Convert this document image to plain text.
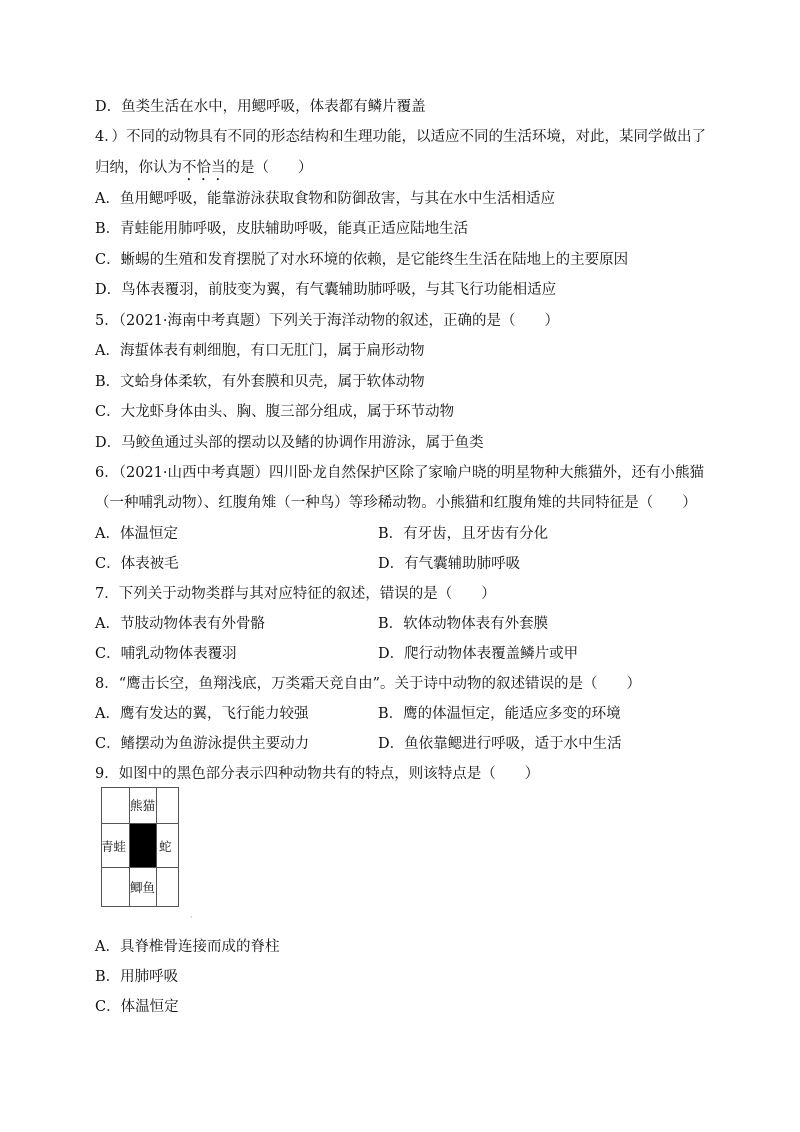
D．鱼类生活在水中，用鳃呼吸，体表都有鳞片覆盖
4．）不同的动物具有不同的形态结构和生理功能，以适应不同的生活环境，对此，某同学做出了
归纳，你认为不恰当的是（　　）
A．鱼用鳃呼吸，能靠游泳获取食物和防御敌害，与其在水中生活相适应
B．青蛙能用肺呼吸，皮肤辅助呼吸，能真正适应陆地生活
C．蜥蜴的生殖和发育摆脱了对水环境的依赖，是它能终生生活在陆地上的主要原因
D．鸟体表覆羽，前肢变为翼，有气囊辅助肺呼吸，与其飞行功能相适应
5．（2021·海南中考真题）下列关于海洋动物的叙述，正确的是（　　）
A．海蜇体表有刺细胞，有口无肛门，属于扁形动物
B．文蛤身体柔软，有外套膜和贝壳，属于软体动物
C．大龙虾身体由头、胸、腹三部分组成，属于环节动物
D．马鲛鱼通过头部的摆动以及鳍的协调作用游泳，属于鱼类
6．（2021·山西中考真题）四川卧龙自然保护区除了家喻户晓的明星物种大熊猫外，还有小熊猫
（一种哺乳动物）、红腹角雉（一种鸟）等珍稀动物。小熊猫和红腹角雉的共同特征是（　　）
A．体温恒定	B．有牙齿，且牙齿有分化
C．体表被毛	D．有气囊辅助肺呼吸
7．下列关于动物类群与其对应特征的叙述，错误的是（　　）
A．节肢动物体表有外骨骼	B．软体动物体表有外套膜
C．哺乳动物体表覆羽	D．爬行动物体表覆盖鳞片或甲
8．“鹰击长空，鱼翔浅底，万类霜天竞自由”。关于诗中动物的叙述错误的是（　　）
A．鹰有发达的翼，飞行能力较强	B．鹰的体温恒定，能适应多变的环境
C．鳍摆动为鱼游泳提供主要动力	D．鱼依靠鳃进行呼吸，适于水中生活
9．如图中的黑色部分表示四种动物共有的特点，则该特点是（　　）
熊猫
青蛙	蛇
鲫鱼
·
A．具脊椎骨连接而成的脊柱
B．用肺呼吸
C．体温恒定
